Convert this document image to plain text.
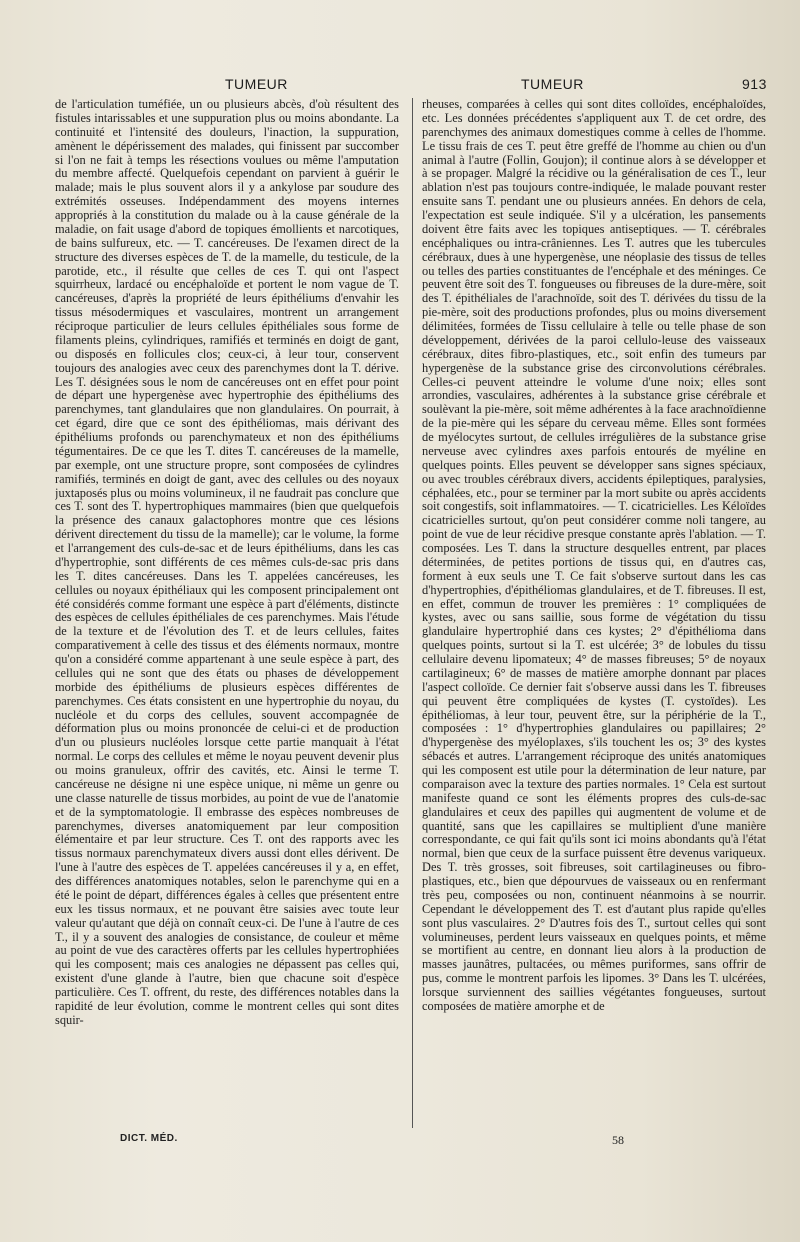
TUMEUR	TUMEUR	913

de l'articulation tuméfiée, un ou plusieurs abcès, d'où résultent des fistules intarissables et une suppuration plus ou moins abondante. La continuité et l'intensité des douleurs, l'inaction, la suppuration, amènent le dépérissement des malades, qui finissent par succomber si l'on ne fait à temps les résections voulues ou même l'amputation du membre affecté. Quelquefois cependant on parvient à guérir le malade; mais le plus souvent alors il y a ankylose par soudure des extrémités osseuses. Indépendamment des moyens internes appropriés à la constitution du malade ou à la cause générale de la maladie, on fait usage d'abord de topiques émollients et narcotiques, de bains sulfureux, etc. — T. cancéreuses. De l'examen direct de la structure des diverses espèces de T. de la mamelle, du testicule, de la parotide, etc., il résulte que celles de ces T. qui ont l'aspect squirrheux, lardacé ou encéphaloïde et portent le nom vague de T. cancéreuses, d'après la propriété de leurs épithéliums d'envahir les tissus mésodermiques et vasculaires, montrent un arrangement réciproque particulier de leurs cellules épithéliales sous forme de filaments pleins, cylindriques, ramifiés et terminés en doigt de gant, ou disposés en follicules clos; ceux-ci, à leur tour, conservent toujours des analogies avec ceux des parenchymes dont la T. dérive. Les T. désignées sous le nom de cancéreuses ont en effet pour point de départ une hypergenèse avec hypertrophie des épithéliums des parenchymes, tant glandulaires que non glandulaires. On pourrait, à cet égard, dire que ce sont des épithéliomas, mais dérivant des épithéliums profonds ou parenchymateux et non des épithéliums tégumentaires. De ce que les T. dites T. cancéreuses de la mamelle, par exemple, ont une structure propre, sont composées de cylindres ramifiés, terminés en doigt de gant, avec des cellules ou des noyaux juxtaposés plus ou moins volumineux, il ne faudrait pas conclure que ces T. sont des T. hypertrophiques mammaires (bien que quelquefois la présence des canaux galactophores montre que ces lésions dérivent directement du tissu de la mamelle); car le volume, la forme et l'arrangement des culs-de-sac et de leurs épithéliums, dans les cas d'hypertrophie, sont différents de ces mêmes culs-de-sac pris dans les T. dites cancéreuses. Dans les T. appelées cancéreuses, les cellules ou noyaux épithéliaux qui les composent principalement ont été considérés comme formant une espèce à part d'éléments, distincte des espèces de cellules épithéliales de ces parenchymes. Mais l'étude de la texture et de l'évolution des T. et de leurs cellules, faites comparativement à celle des tissus et des éléments normaux, montre qu'on a considéré comme appartenant à une seule espèce à part, des cellules qui ne sont que des états ou phases de développement morbide des épithéliums de plusieurs espèces différentes de parenchymes. Ces états consistent en une hypertrophie du noyau, du nucléole et du corps des cellules, souvent accompagnée de déformation plus ou moins prononcée de celui-ci et de production d'un ou plusieurs nucléoles lorsque cette partie manquait à l'état normal. Le corps des cellules et même le noyau peuvent devenir plus ou moins granuleux, offrir des cavités, etc. Ainsi le terme T. cancéreuse ne désigne ni une espèce unique, ni même un genre ou une classe naturelle de tissus morbides, au point de vue de l'anatomie et de la symptomatologie. Il embrasse des espèces nombreuses de parenchymes, diverses anatomiquement par leur composition élémentaire et par leur structure. Ces T. ont des rapports avec les tissus normaux parenchymateux divers aussi dont elles dérivent. De l'une à l'autre des espèces de T. appelées cancéreuses il y a, en effet, des différences anatomiques notables, selon le parenchyme qui en a été le point de départ, différences égales à celles que présentent entre eux les tissus normaux, et ne pouvant être saisies avec toute leur valeur qu'autant que déjà on connaît ceux-ci. De l'une à l'autre de ces T., il y a souvent des analogies de consistance, de couleur et même au point de vue des caractères offerts par les cellules hypertrophiées qui les composent; mais ces analogies ne dépassent pas celles qui, existent d'une glande à l'autre, bien que chacune soit d'espèce particulière. Ces T. offrent, du reste, des différences notables dans la rapidité de leur évolution, comme le montrent celles qui sont dites squir-

rheuses, comparées à celles qui sont dites colloïdes, encéphaloïdes, etc. Les données précédentes s'appliquent aux T. de cet ordre, des parenchymes des animaux domestiques comme à celles de l'homme. Le tissu frais de ces T. peut être greffé de l'homme au chien ou d'un animal à l'autre (Follin, Goujon); il continue alors à se développer et à se propager. Malgré la récidive ou la généralisation de ces T., leur ablation n'est pas toujours contre-indiquée, le malade pouvant rester ensuite sans T. pendant une ou plusieurs années. En dehors de cela, l'expectation est seule indiquée. S'il y a ulcération, les pansements doivent être faits avec les topiques antiseptiques. — T. cérébrales encéphaliques ou intra-crâniennes. Les T. autres que les tubercules cérébraux, dues à une hypergenèse, une néoplasie des tissus de telles ou telles des parties constituantes de l'encéphale et des méninges. Ce peuvent être soit des T. fongueuses ou fibreuses de la dure-mère, soit des T. épithéliales de l'arachnoïde, soit des T. dérivées du tissu de la pie-mère, soit des productions profondes, plus ou moins diversement délimitées, formées de Tissu cellulaire à telle ou telle phase de son développement, dérivées de la paroi cellulo-leuse des vaisseaux cérébraux, dites fibro-plastiques, etc., soit enfin des tumeurs par hypergenèse de la substance grise des circonvolutions cérébrales. Celles-ci peuvent atteindre le volume d'une noix; elles sont arrondies, vasculaires, adhérentes à la substance grise cérébrale et soulèvant la pie-mère, soit même adhérentes à la face arachnoïdienne de la pie-mère qui les sépare du cerveau même. Elles sont formées de myélocytes surtout, de cellules irrégulières de la substance grise nerveuse avec cylindres axes parfois entourés de myéline en quelques points. Elles peuvent se développer sans signes spéciaux, ou avec troubles cérébraux divers, accidents épileptiques, paralysies, céphalées, etc., pour se terminer par la mort subite ou après accidents soit congestifs, soit inflammatoires. — T. cicatricielles. Les Kéloïdes cicatricielles surtout, qu'on peut considérer comme noli tangere, au point de vue de leur récidive presque constante après l'ablation. — T. composées. Les T. dans la structure desquelles entrent, par places déterminées, de petites portions de tissus qui, en d'autres cas, forment à eux seuls une T. Ce fait s'observe surtout dans les cas d'hypertrophies, d'épithéliomas glandulaires, et de T. fibreuses. Il est, en effet, commun de trouver les premières : 1° compliquées de kystes, avec ou sans saillie, sous forme de végétation du tissu glandulaire hypertrophié dans ces kystes; 2° d'épithélioma dans quelques points, surtout si la T. est ulcérée; 3° de lobules du tissu cellulaire devenu lipomateux; 4° de masses fibreuses; 5° de noyaux cartilagineux; 6° de masses de matière amorphe donnant par places l'aspect colloïde. Ce dernier fait s'observe aussi dans les T. fibreuses qui peuvent être compliquées de kystes (T. cystoïdes). Les épithéliomas, à leur tour, peuvent être, sur la périphérie de la T., composées : 1° d'hypertrophies glandulaires ou papillaires; 2° d'hypergenèse des myéloplaxes, s'ils touchent les os; 3° des kystes sébacés et autres. L'arrangement réciproque des unités anatomiques qui les composent est utile pour la détermination de leur nature, par comparaison avec la texture des parties normales. 1° Cela est surtout manifeste quand ce sont les éléments propres des culs-de-sac glandulaires et ceux des papilles qui augmentent de volume et de quantité, sans que les capillaires se multiplient d'une manière correspondante, ce qui fait qu'ils sont ici moins abondants qu'à l'état normal, bien que ceux de la surface puissent être devenus variqueux. Des T. très grosses, soit fibreuses, soit cartilagineuses ou fibro-plastiques, etc., bien que dépourvues de vaisseaux ou en renfermant très peu, composées ou non, continuent néanmoins à se nourrir. Cependant le développement des T. est d'autant plus rapide qu'elles sont plus vasculaires. 2° D'autres fois des T., surtout celles qui sont volumineuses, perdent leurs vaisseaux en quelques points, et même se mortifient au centre, en donnant lieu alors à la production de masses jaunâtres, pultacées, ou mêmes puriformes, sans offrir de pus, comme le montrent parfois les lipomes. 3° Dans les T. ulcérées, lorsque surviennent des saillies végétantes fongueuses, surtout composées de matière amorphe et de

DICT. MÉD.	58
